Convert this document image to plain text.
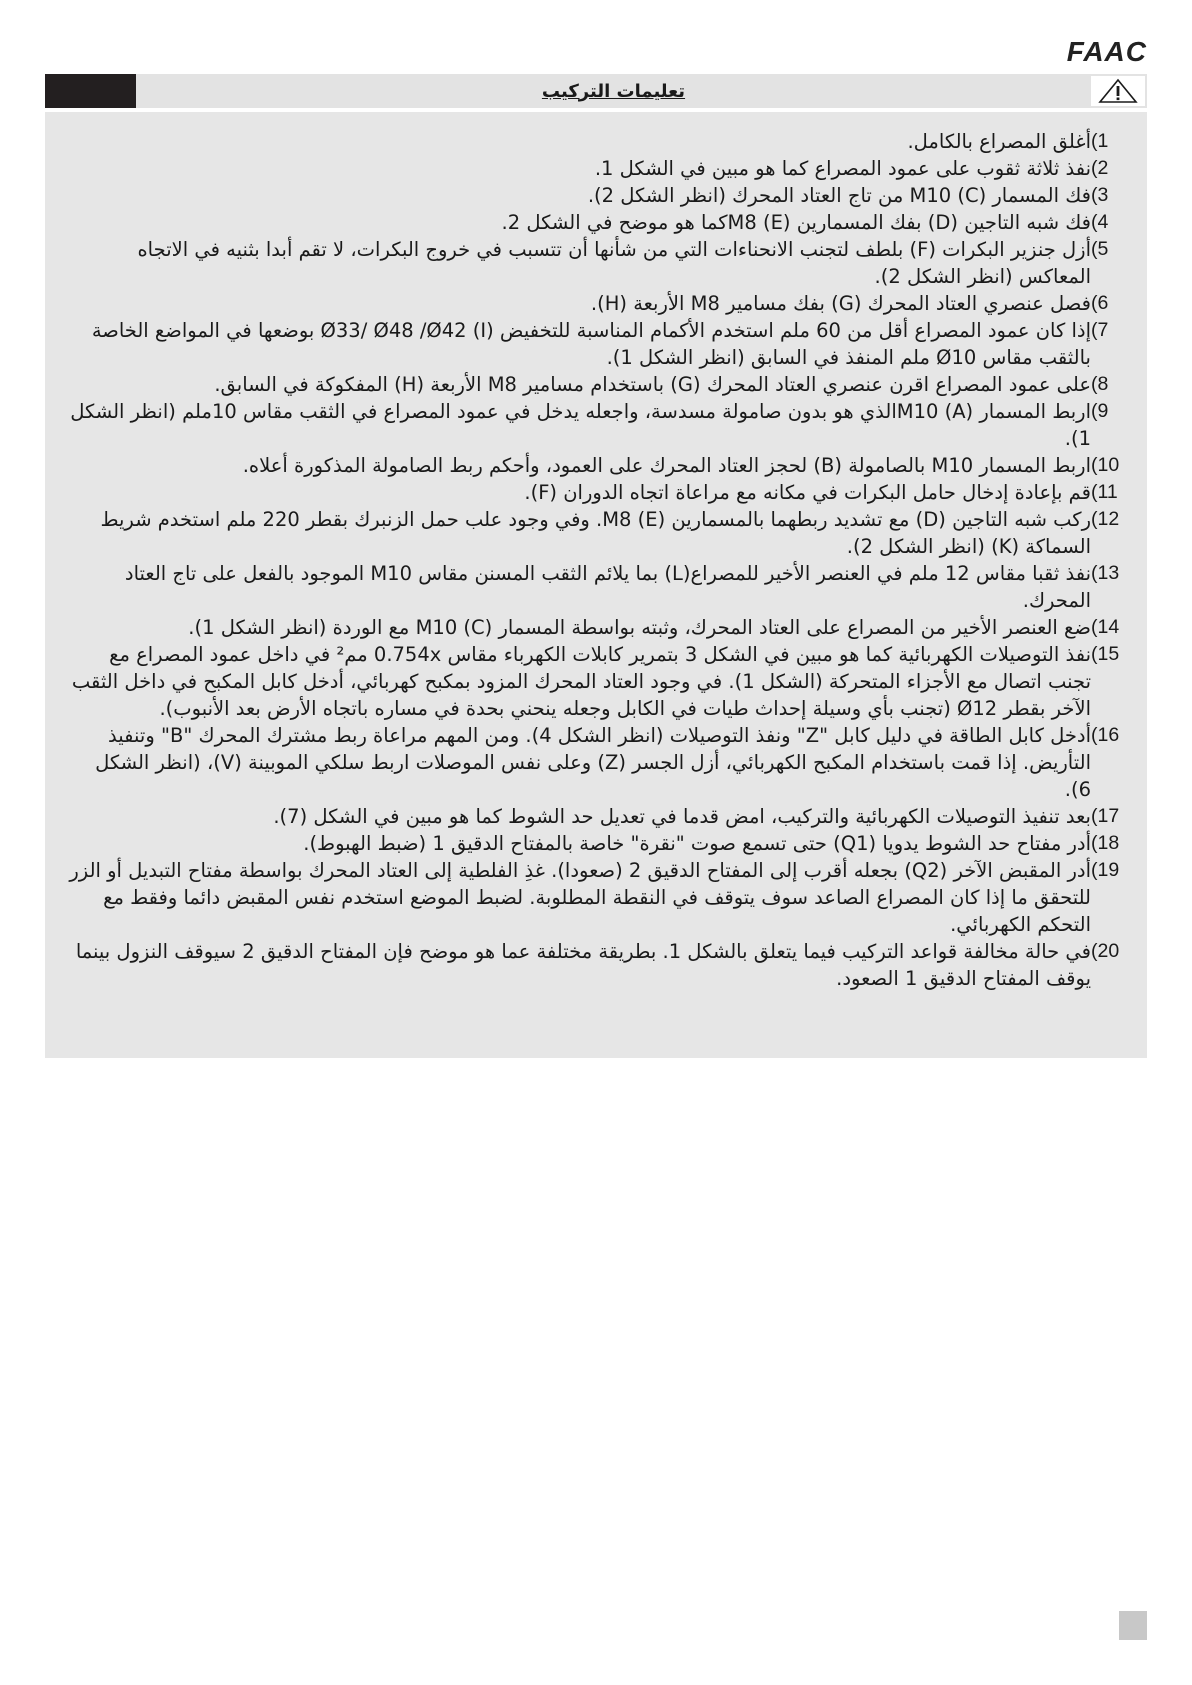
FAAC
تعليمات التركيب
(1
أغلق المصراع بالكامل.
(2
نفذ ثلاثة ثقوب على عمود المصراع كما هو مبين في الشكل 1.
(3
فك المسمار M10 (C) من تاج العتاد المحرك (انظر الشكل 2).
(4
فك شبه التاجين (D) بفك المسمارين M8 (E)كما هو موضح في الشكل 2.
(5
أزل جنزير البكرات (F) بلطف لتجنب الانحناءات التي من شأنها أن تتسبب في خروج البكرات، لا تقم أبدا بثنيه في الاتجاه المعاكس (انظر الشكل 2).
(6
فصل عنصري العتاد المحرك (G) بفك مسامير M8 الأربعة (H).
(7
إذا كان عمود المصراع أقل من 60 ملم استخدم الأكمام المناسبة للتخفيض Ø33/ Ø48 /Ø42 (I) بوضعها في المواضع الخاصة بالثقب مقاس Ø10 ملم المنفذ في السابق (انظر الشكل 1).
(8
على عمود المصراع اقرن عنصري العتاد المحرك (G) باستخدام مسامير M8 الأربعة (H) المفكوكة في السابق.
(9
اربط المسمار M10 (A)الذي هو بدون صامولة مسدسة، واجعله يدخل في عمود المصراع في الثقب مقاس 10ملم (انظر الشكل 1).
(10
اربط المسمار M10 بالصامولة (B) لحجز العتاد المحرك على العمود، وأحكم ربط الصامولة المذكورة أعلاه.
(11
قم بإعادة إدخال حامل البكرات في مكانه مع مراعاة اتجاه الدوران (F).
(12
ركب شبه التاجين (D) مع تشديد ربطهما بالمسمارين M8 (E). وفي وجود علب حمل الزنبرك بقطر 220 ملم استخدم شريط السماكة (K) (انظر الشكل 2).
(13
نفذ ثقبا مقاس 12 ملم في العنصر الأخير للمصراع(L) بما يلائم الثقب المسنن مقاس M10 الموجود بالفعل على تاج العتاد المحرك.
(14
ضع العنصر الأخير من المصراع على العتاد المحرك، وثبته بواسطة المسمار M10 (C) مع الوردة (انظر الشكل 1).
(15
نفذ التوصيلات الكهربائية كما هو مبين في الشكل 3 بتمرير كابلات الكهرباء مقاس 0.754x مم² في داخل عمود المصراع مع تجنب اتصال مع الأجزاء المتحركة (الشكل 1). في وجود العتاد المحرك المزود بمكبح كهربائي، أدخل كابل المكبح في داخل الثقب الآخر بقطر Ø12 (تجنب بأي وسيلة إحداث طيات في الكابل وجعله ينحني بحدة في مساره باتجاه الأرض بعد الأنبوب).
(16
أدخل كابل الطاقة في دليل كابل "Z" ونفذ التوصيلات (انظر الشكل 4). ومن المهم مراعاة ربط مشترك المحرك "B" وتنفيذ التأريض. إذا قمت باستخدام المكبح الكهربائي، أزل الجسر (Z) وعلى نفس الموصلات اربط سلكي الموبينة (V)، (انظر الشكل 6).
(17
بعد تنفيذ التوصيلات الكهربائية والتركيب، امض قدما في تعديل حد الشوط كما هو مبين في الشكل (7).
(18
أدر مفتاح حد الشوط يدويا (Q1) حتى تسمع صوت "نقرة" خاصة بالمفتاح الدقيق 1 (ضبط الهبوط).
(19
أدر المقبض الآخر (Q2) بجعله أقرب إلى المفتاح الدقيق 2 (صعودا). غذِ الفلطية إلى العتاد المحرك بواسطة مفتاح التبديل أو الزر للتحقق ما إذا كان المصراع الصاعد سوف يتوقف في النقطة المطلوبة. لضبط الموضع استخدم نفس المقبض دائما وفقط مع التحكم الكهربائي.
(20
في حالة مخالفة قواعد التركيب فيما يتعلق بالشكل 1. بطريقة مختلفة عما هو موضح فإن المفتاح الدقيق 2 سيوقف النزول بينما يوقف المفتاح الدقيق 1 الصعود.
